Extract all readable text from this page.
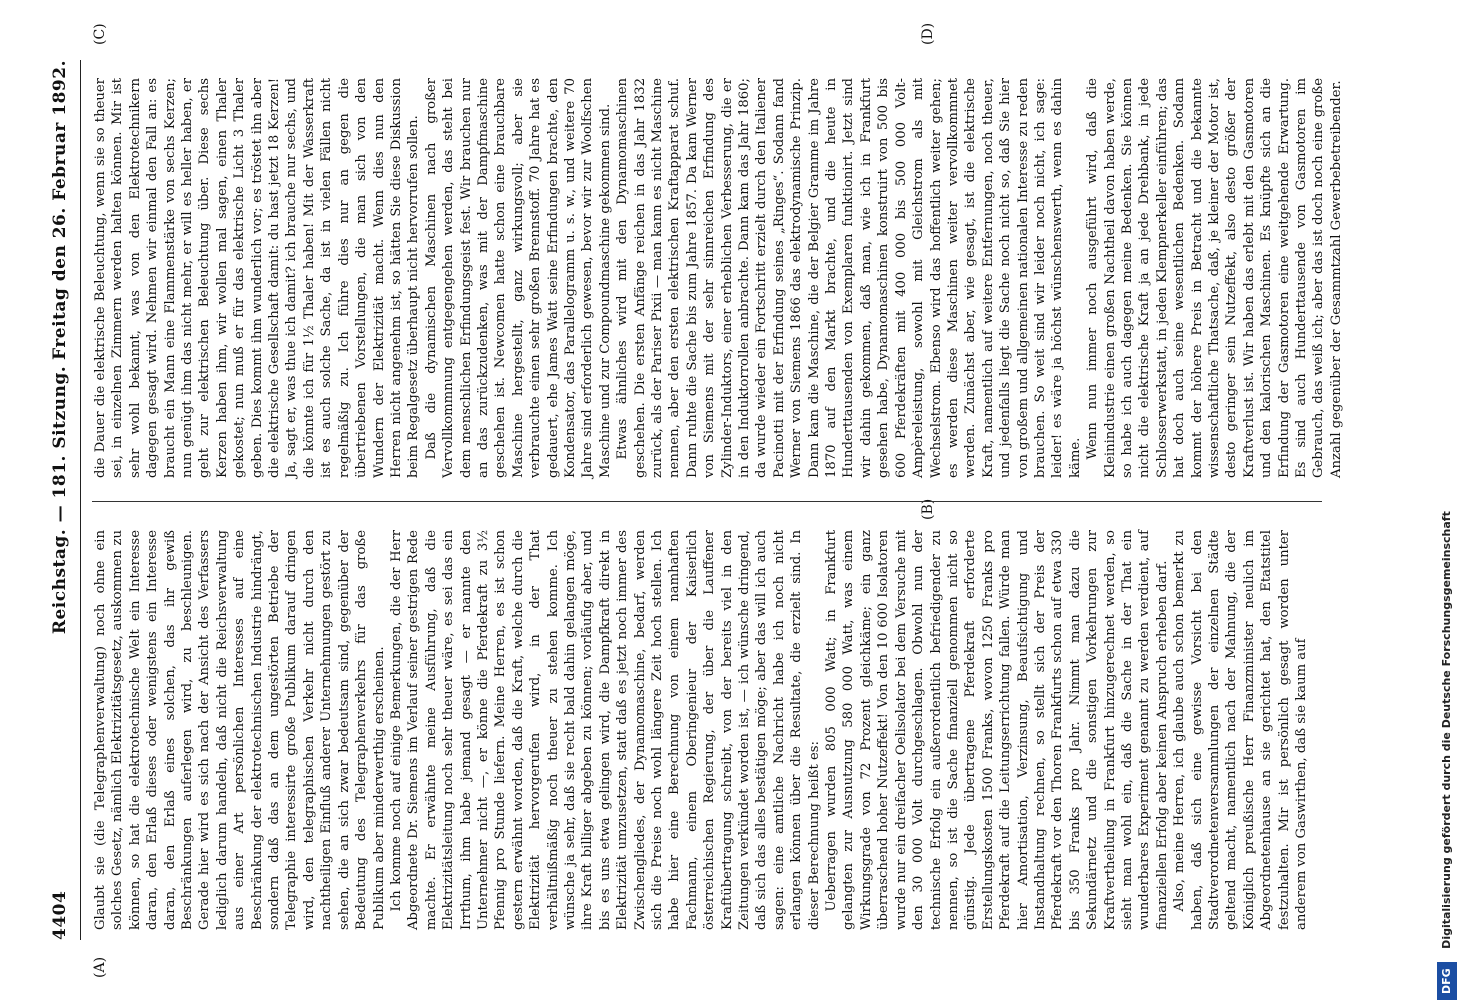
4404
Reichstag. — 181. Sitzung.
Freitag den 26. Februar 1892.
(A)
(B)
(C)	(D)

Glaubt sie (die Telegraphenverwaltung) noch ohne ein solches Gesetz, nämlich Elektrizitätsgesetz, auskommen zu können, so hat die elektrotechnische Welt ein Interesse daran, den Erlaß dieses oder wenigstens ein Interesse daran, den Erlaß eines solchen, das ihr gewiß Beschränkungen auferlegen wird, zu beschleunigen. Gerade hier wird es sich nach der Ansicht des Verfassers lediglich darum handeln, daß nicht die Reichsverwaltung aus einer Art persönlichen Interesses auf eine Beschränkung der elektrotechnischen Industrie hindrängt, sondern daß das an dem ungestörten Betriebe der Telegraphie interessirte große Publikum darauf dringen wird, den telegraphischen Verkehr nicht durch den nachtheiligen Einfluß anderer Unternehmungen gestört zu sehen, die an sich zwar bedeutsam sind, gegenüber der Bedeutung des Telegraphenverkehrs für das große Publikum aber minderwerthig erscheinen. Ich komme noch auf einige Bemerkungen, die der Herr Abgeordnete Dr. Siemens im Verlauf seiner gestrigen Rede machte. Er erwähnte meine Ausführung, daß die Elektrizitätsleitung noch sehr theuer wäre, es sei das ein Irrthum, ihm habe jemand gesagt — er nannte den Unternehmer nicht —, er könne die Pferdekraft zu 3½ Pfennig pro Stunde liefern. Meine Herren, es ist schon gestern erwähnt worden, daß die Kraft, welche durch die Elektrizität hervorgerufen wird, in der That verhältnißmäßig noch theuer zu stehen komme. Ich wünsche ja sehr, daß sie recht bald dahin gelangen möge, ihre Kraft billiger abgeben zu können; vorläufig aber, und bis es uns etwa gelingen wird, die Dampfkraft direkt in Elektrizität umzusetzen, statt daß es jetzt noch immer des Zwischengliedes, der Dynamomaschine, bedarf, werden sich die Preise noch wohl längere Zeit hoch stellen. Ich habe hier eine Berechnung von einem namhaften Fachmann, einem Oberingenieur der Kaiserlich österreichischen Regierung, der über die Lauffener Kraftübertragung schreibt, von der bereits viel in den Zeitungen verkündet worden ist, — ich wünsche dringend, daß sich das alles bestätigen möge; aber das will ich auch sagen: eine amtliche Nachricht habe ich noch nicht erlangen können über die Resultate, die erzielt sind. In dieser Berechnung heißt es: Ueberragen wurden 805 000 Watt; in Frankfurt gelangten zur Ausnutzung 580 000 Watt, was einem Wirkungsgrade von 72 Prozent gleichkäme; ein ganz überraschend hoher Nutzeffekt! Von den 10 600 Isolatoren wurde nur ein dreifacher Oelisolator bei dem Versuche mit den 30 000 Volt durchgeschlagen. Obwohl nun der technische Erfolg ein außerordentlich befriedigender zu nennen, so ist die Sache finanziell genommen nicht so günstig. Jede übertragene Pferdekraft erforderte Erstellungskosten 1500 Franks, wovon 1250 Franks pro Pferdekraft auf die Leitungserrichtung fallen. Würde man hier Amortisation, Verzinsung, Beaufsichtigung und Instandhaltung rechnen, so stellt sich der Preis der Pferdekraft vor den Thoren Frankfurts schon auf etwa 330 bis 350 Franks pro Jahr. Nimmt man dazu die Sekundärnetz und die sonstigen Vorkehrungen zur Kraftvertheilung in Frankfurt hinzugerechnet werden, so sieht man wohl ein, daß die Sache in der That ein wunderbares Experiment genannt zu werden verdient, auf finanziellen Erfolg aber keinen Anspruch erheben darf. Also, meine Herren, ich glaube auch schon bemerkt zu haben, daß sich eine gewisse Vorsicht bei den Stadtverordnetenversammlungen der einzelnen Städte geltend macht, namentlich nach der Mahnung, die der Königlich preußische Herr Finanzminister neulich im Abgeordnetenhause an sie gerichtet hat, den Etatstitel festzuhalten. Mir ist persönlich gesagt worden unter anderem von Gaswirthen, daß sie kaum auf

die Dauer die elektrische Beleuchtung, wenn sie so theuer sei, in einzelnen Zimmern werden halten können. Mir ist sehr wohl bekannt, was von den Elektrotechnikern dagegen gesagt wird. Nehmen wir einmal den Fall an: es braucht ein Mann eine Flammenstärke von sechs Kerzen; nun genügt ihm das nicht mehr, er will es heller haben, er geht zur elektrischen Beleuchtung über. Diese sechs Kerzen haben ihm, wir wollen mal sagen, einen Thaler gekostet; nun muß er für das elektrische Licht 3 Thaler geben. Dies kommt ihm wunderlich vor; es tröstet ihn aber die elektrische Gesellschaft damit: du hast jetzt 18 Kerzen! Ja, sagt er, was thue ich damit? ich brauche nur sechs, und die könnte ich für 1½ Thaler haben! Mit der Wasserkraft ist es auch solche Sache, da ist in vielen Fällen nicht regelmäßig zu. Ich führe dies nur an gegen die übertriebenen Vorstellungen, die man sich von den Wundern der Elektrizität macht. Wenn dies nun den Herren nicht angenehm ist, so hätten Sie diese Diskussion beim Regalgesetz überhaupt nicht hervorrufen sollen. Daß die dynamischen Maschinen nach großer Vervollkommnung entgegengehen werden, das steht bei dem menschlichen Erfindungsgeist fest. Wir brauchen nur an das zurückzudenken, was mit der Dampfmaschine geschehen ist. Newcomen hatte schon eine brauchbare Maschine hergestellt, ganz wirkungsvoll; aber sie verbrauchte einen sehr großen Brennstoff. 70 Jahre hat es gedauert, ehe James Watt seine Erfindungen brachte, den Kondensator, das Parallelogramm u. s. w., und weitere 70 Jahre sind erforderlich gewesen, bevor wir zur Woolfschen Maschine und zur Compoundmaschine gekommen sind. Etwas ähnliches wird mit den Dynamomaschinen geschehen. Die ersten Anfänge reichen in das Jahr 1832 zurück, als der Pariser Pixii — man kann es nicht Maschine nennen, aber den ersten elektrischen Kraftapparat schuf. Dann ruhte die Sache bis zum Jahre 1857. Da kam Werner von Siemens mit der sehr sinnreichen Erfindung des Zylinder-Induktors, einer erheblichen Verbesserung, die er in den Induktorrollen anbrachte. Dann kam das Jahr 1860; da wurde wieder ein Fortschritt erzielt durch den Italiener Pacinotti mit der Erfindung seines „Ringes“. Sodann fand Werner von Siemens 1866 das elektrodynamische Prinzip. Dann kam die Maschine, die der Belgier Gramme im Jahre 1870 auf den Markt brachte, und die heute in Hunderttausenden von Exemplaren funktionirt. Jetzt sind wir dahin gekommen, daß man, wie ich in Frankfurt gesehen habe, Dynamomaschinen konstruirt von 500 bis 600 Pferdekräften mit 400 000 bis 500 000 Volt-Ampèreleistung, sowohl mit Gleichstrom als mit Wechselstrom. Ebenso wird das hoffentlich weiter gehen; es werden diese Maschinen weiter vervollkommnet werden. Zunächst aber, wie gesagt, ist die elektrische Kraft, namentlich auf weitere Entfernungen, noch theuer, und jedenfalls liegt die Sache noch nicht so, daß Sie hier von großem und allgemeinen nationalen Interesse zu reden brauchen. So weit sind wir leider noch nicht, ich sage: leider! es wäre ja höchst wünschenswerth, wenn es dahin käme. Wenn nun immer noch ausgeführt wird, daß die Kleinindustrie einen großen Nachtheil davon haben werde, so habe ich auch dagegen meine Bedenken. Sie können nicht die elektrische Kraft ja an jede Drehbank, in jede Schlosserwerkstatt, in jeden Klempnerkeller einführen; das hat doch auch seine wesentlichen Bedenken. Sodann kommt der höhere Preis in Betracht und die bekannte wissenschaftliche Thatsache, daß, je kleiner der Motor ist, desto geringer sein Nutzeffekt, also desto größer der Kraftverlust ist. Wir haben das erlebt mit den Gasmotoren und den kalorischen Maschinen. Es knüpfte sich an die Erfindung der Gasmotoren eine weitgehende Erwartung. Es sind auch Hunderttausende von Gasmotoren im Gebrauch, das weiß ich; aber das ist doch noch eine große Anzahl gegenüber der Gesammtzahl Gewerbebetreibender.

DFG Digitalisierung gefördert durch die Deutsche Forschungsgemeinschaft
